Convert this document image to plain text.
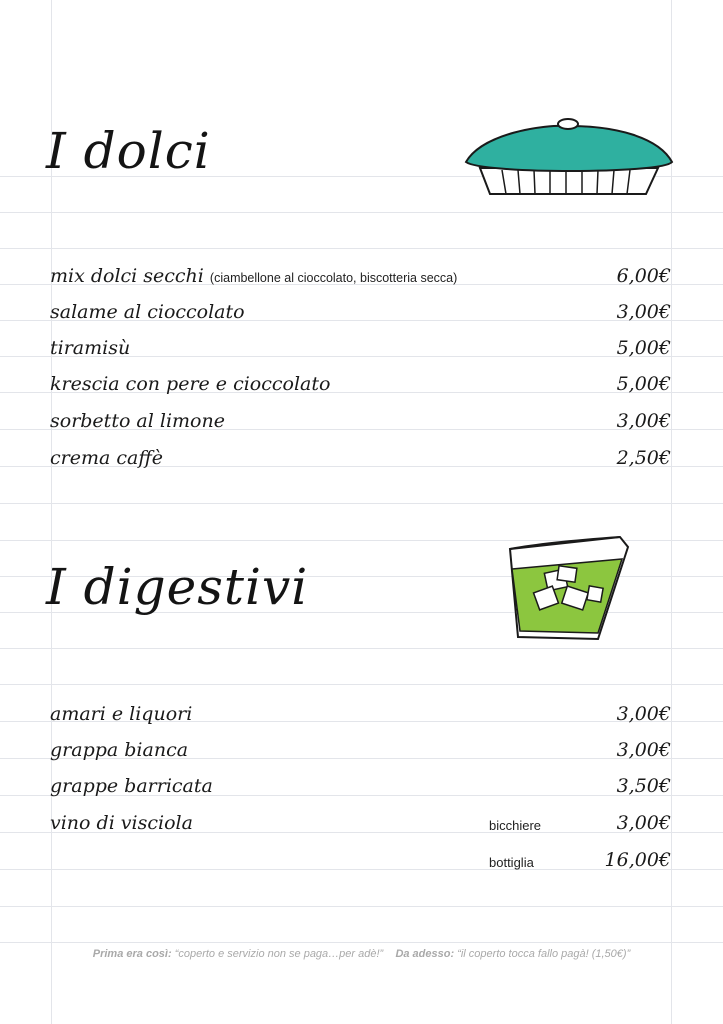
I dolci
mix dolci secchi (ciambellone al cioccolato, biscotteria secca)	6,00€
salame al cioccolato	3,00€
tiramisù	5,00€
krescia con pere e cioccolato	5,00€
sorbetto al limone	3,00€
crema caffè	2,50€
I digestivi
amari e liquori	3,00€
grappa bianca	3,00€
grappe barricata	3,50€
vino di visciola	bicchiere	3,00€
bottiglia	16,00€
Prima era così: “coperto e servizio non se paga…per adè!” Da adesso: “il coperto tocca fallo pagà! (1,50€)”
